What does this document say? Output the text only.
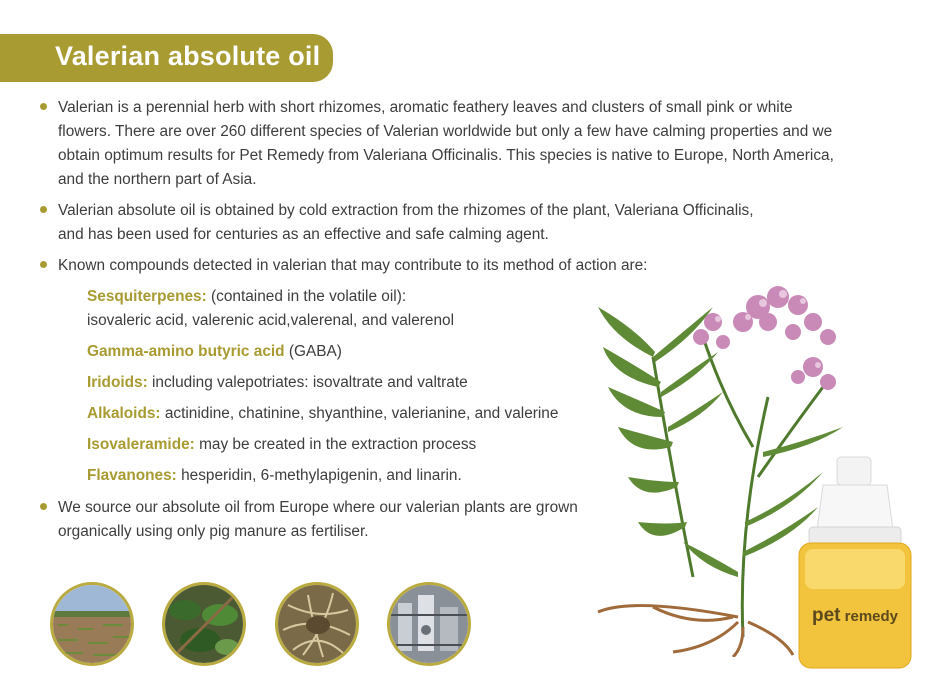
Valerian absolute oil
Valerian is a perennial herb with short rhizomes, aromatic feathery leaves and clusters of small pink or white flowers. There are over 260 different species of Valerian worldwide but only a few have calming properties and we obtain optimum results for Pet Remedy from Valeriana Officinalis. This species is native to Europe, North America, and the northern part of Asia.
Valerian absolute oil is obtained by cold extraction from the rhizomes of the plant, Valeriana Officinalis, and has been used for centuries as an effective and safe calming agent.
Known compounds detected in valerian that may contribute to its method of action are:
Sesquiterpenes: (contained in the volatile oil):
isovaleric acid, valerenic acid,valerenal, and valerenol
Gamma-amino butyric acid (GABA)
Iridoids: including valepotriates: isovaltrate and valtrate
Alkaloids: actinidine, chatinine, shyanthine, valerianine, and valerine
Isovaleramide: may be created in the extraction process
Flavanones: hesperidin, 6-methylapigenin, and linarin.
We source our absolute oil from Europe where our valerian plants are grown organically using only pig manure as fertiliser.
pet remedy
